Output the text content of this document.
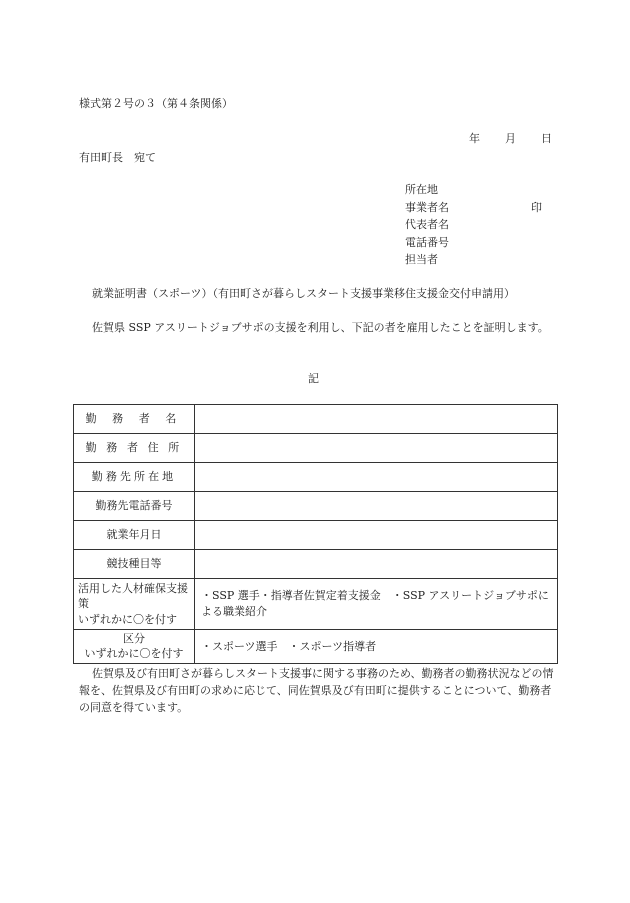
様式第２号の３（第４条関係）
年 月 日
有田町長　宛て
所在地
事業者名	印
代表者名
電話番号
担当者
就業証明書（スポーツ）（有田町さが暮らしスタート支援事業移住支援金交付申請用）
佐賀県 SSP アスリートジョブサポの支援を利用し、下記の者を雇用したことを証明します。
記
勤 務 者 名	
勤 務 者 住 所	
勤務先所在地	
勤務先電話番号	
就業年月日	
競技種目等	

活用した人材確保支援策
いずれかに〇を付す	・SSP 選手・指導者佐賀定着支援金　・SSP アスリートジョブサポによる職業紹介

区分
いずれかに〇を付す	・スポーツ選手　・スポーツ指導者
佐賀県及び有田町さが暮らしスタート支援事に関する事務のため、勤務者の勤務状況などの情報を、佐賀県及び有田町の求めに応じて、同佐賀県及び有田町に提供することについて、勤務者の同意を得ています。
